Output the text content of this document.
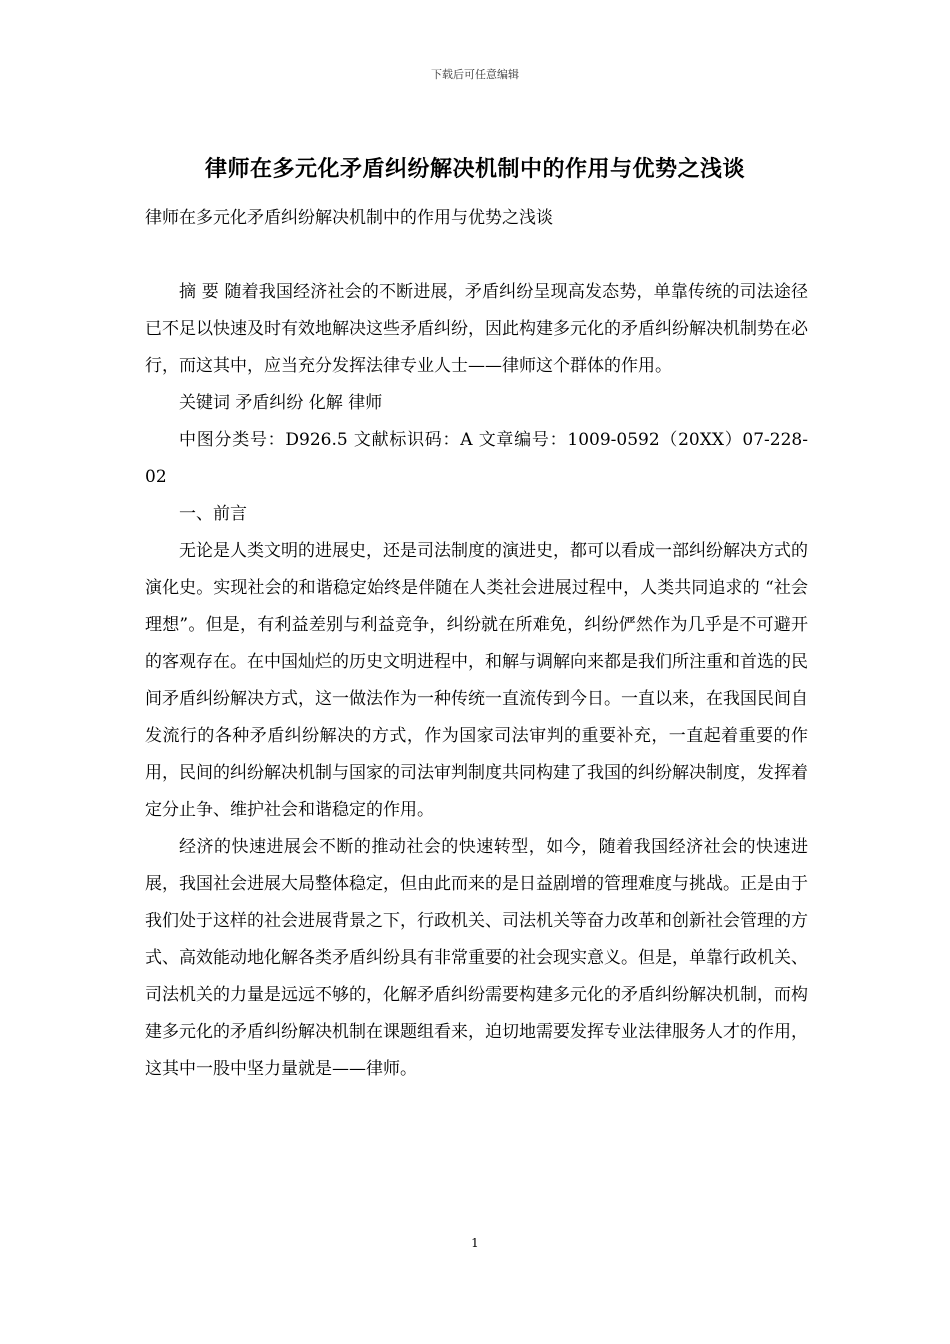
下载后可任意编辑
律师在多元化矛盾纠纷解决机制中的作用与优势之浅谈
律师在多元化矛盾纠纷解决机制中的作用与优势之浅谈

摘 要 随着我国经济社会的不断进展，矛盾纠纷呈现高发态势，单靠传统的司法途径已不足以快速及时有效地解决这些矛盾纠纷，因此构建多元化的矛盾纠纷解决机制势在必行，而这其中，应当充分发挥法律专业人士——律师这个群体的作用。

关键词 矛盾纠纷 化解 律师

中图分类号：D926.5 文献标识码：A 文章编号：1009-0592（20XX）07-228-02

一、前言

无论是人类文明的进展史，还是司法制度的演进史，都可以看成一部纠纷解决方式的演化史。实现社会的和谐稳定始终是伴随在人类社会进展过程中，人类共同追求的 “社会理想”。但是，有利益差别与利益竞争，纠纷就在所难免，纠纷俨然作为几乎是不可避开的客观存在。在中国灿烂的历史文明进程中，和解与调解向来都是我们所注重和首选的民间矛盾纠纷解决方式，这一做法作为一种传统一直流传到今日。一直以来，在我国民间自发流行的各种矛盾纠纷解决的方式，作为国家司法审判的重要补充，一直起着重要的作用，民间的纠纷解决机制与国家的司法审判制度共同构建了我国的纠纷解决制度，发挥着定分止争、维护社会和谐稳定的作用。

经济的快速进展会不断的推动社会的快速转型，如今，随着我国经济社会的快速进展，我国社会进展大局整体稳定，但由此而来的是日益剧增的管理难度与挑战。正是由于我们处于这样的社会进展背景之下，行政机关、司法机关等奋力改革和创新社会管理的方式、高效能动地化解各类矛盾纠纷具有非常重要的社会现实意义。但是，单靠行政机关、司法机关的力量是远远不够的，化解矛盾纠纷需要构建多元化的矛盾纠纷解决机制，而构建多元化的矛盾纠纷解决机制在课题组看来，迫切地需要发挥专业法律服务人才的作用，这其中一股中坚力量就是——律师。

1
